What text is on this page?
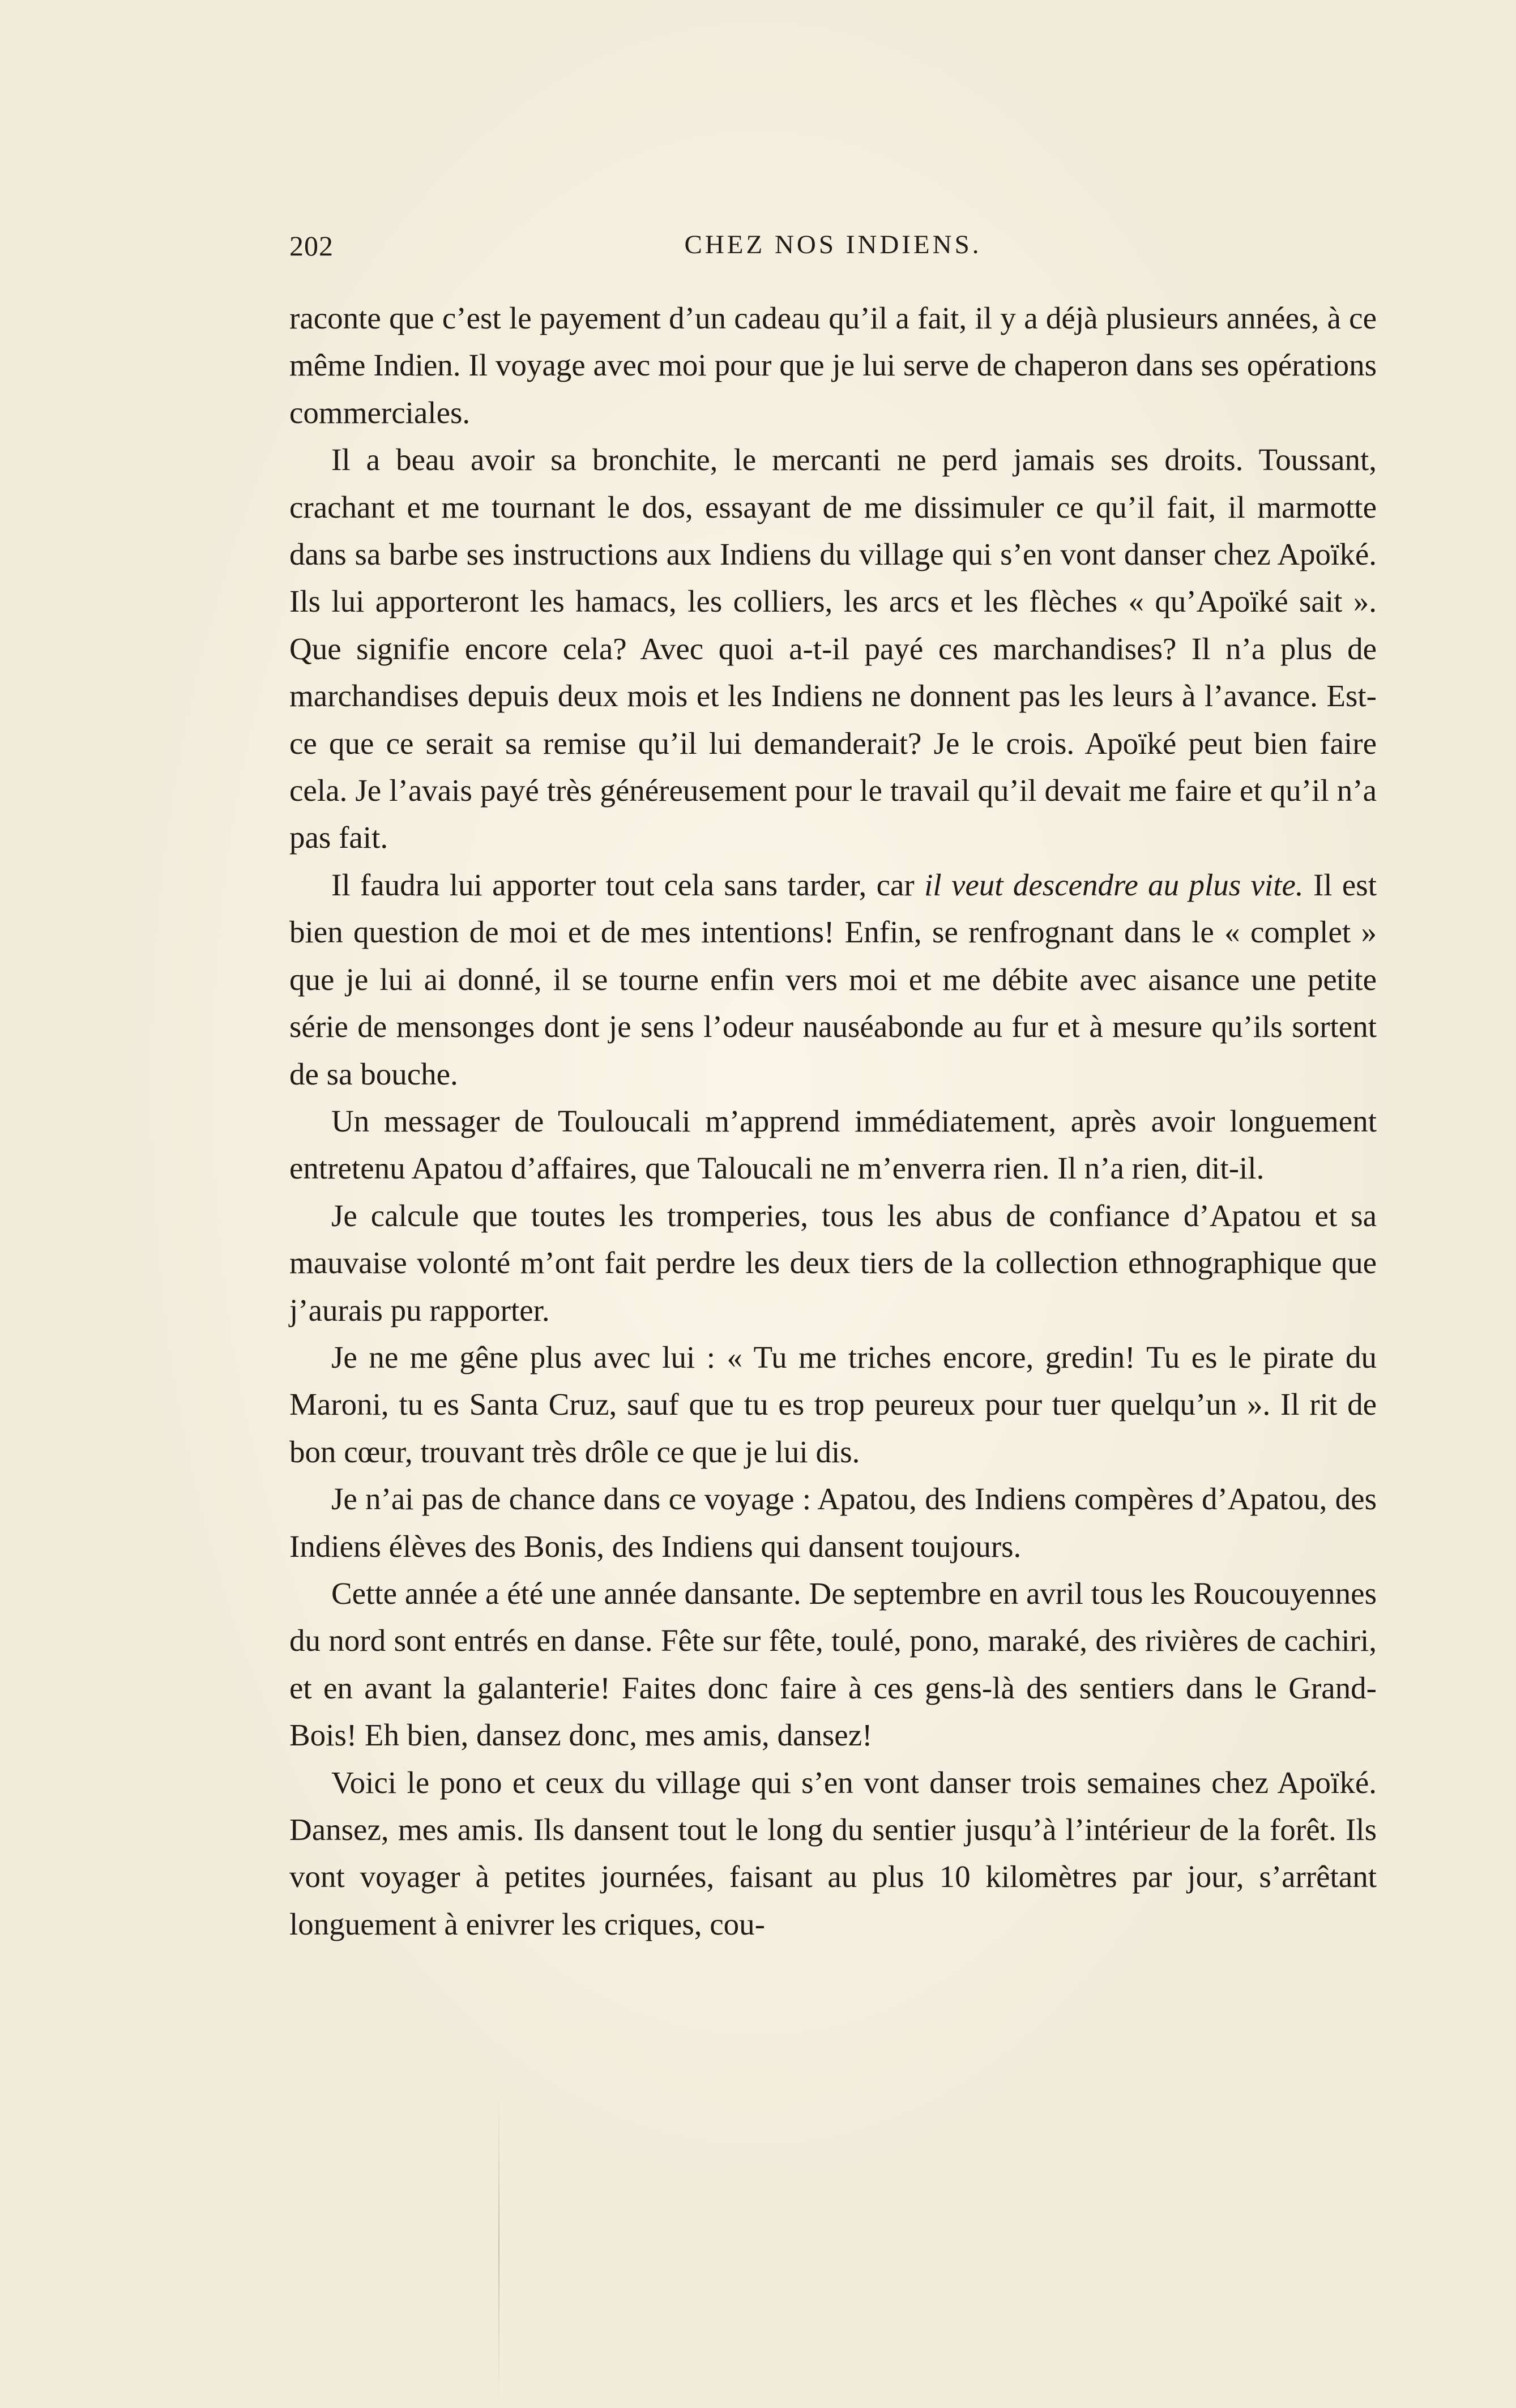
202	CHEZ NOS INDIENS.

raconte que c’est le payement d’un cadeau qu’il a fait, il y a déjà plusieurs années, à ce même Indien. Il voyage avec moi pour que je lui serve de chaperon dans ses opérations commerciales.

Il a beau avoir sa bronchite, le mercanti ne perd jamais ses droits. Toussant, crachant et me tournant le dos, essayant de me dissimuler ce qu’il fait, il marmotte dans sa barbe ses instructions aux Indiens du village qui s’en vont danser chez Apoïké. Ils lui apporteront les hamacs, les colliers, les arcs et les flèches « qu’Apoïké sait ». Que signifie encore cela? Avec quoi a-t-il payé ces marchandises? Il n’a plus de marchandises depuis deux mois et les Indiens ne donnent pas les leurs à l’avance. Est-ce que ce serait sa remise qu’il lui demanderait? Je le crois. Apoïké peut bien faire cela. Je l’avais payé très généreusement pour le travail qu’il devait me faire et qu’il n’a pas fait.

Il faudra lui apporter tout cela sans tarder, car il veut descendre au plus vite. Il est bien question de moi et de mes intentions! Enfin, se renfrognant dans le « complet » que je lui ai donné, il se tourne enfin vers moi et me débite avec aisance une petite série de mensonges dont je sens l’odeur nauséabonde au fur et à mesure qu’ils sortent de sa bouche.

Un messager de Touloucali m’apprend immédiatement, après avoir longuement entretenu Apatou d’affaires, que Taloucali ne m’enverra rien. Il n’a rien, dit-il.

Je calcule que toutes les tromperies, tous les abus de confiance d’Apatou et sa mauvaise volonté m’ont fait perdre les deux tiers de la collection ethnographique que j’aurais pu rapporter.

Je ne me gêne plus avec lui : « Tu me triches encore, gredin! Tu es le pirate du Maroni, tu es Santa Cruz, sauf que tu es trop peureux pour tuer quelqu’un ». Il rit de bon cœur, trouvant très drôle ce que je lui dis.

Je n’ai pas de chance dans ce voyage : Apatou, des Indiens compères d’Apatou, des Indiens élèves des Bonis, des Indiens qui dansent toujours.

Cette année a été une année dansante. De septembre en avril tous les Roucouyennes du nord sont entrés en danse. Fête sur fête, toulé, pono, maraké, des rivières de cachiri, et en avant la galanterie! Faites donc faire à ces gens-là des sentiers dans le Grand-Bois! Eh bien, dansez donc, mes amis, dansez!

Voici le pono et ceux du village qui s’en vont danser trois semaines chez Apoïké. Dansez, mes amis. Ils dansent tout le long du sentier jusqu’à l’intérieur de la forêt. Ils vont voyager à petites journées, faisant au plus 10 kilomètres par jour, s’arrêtant longuement à enivrer les criques, cou-
